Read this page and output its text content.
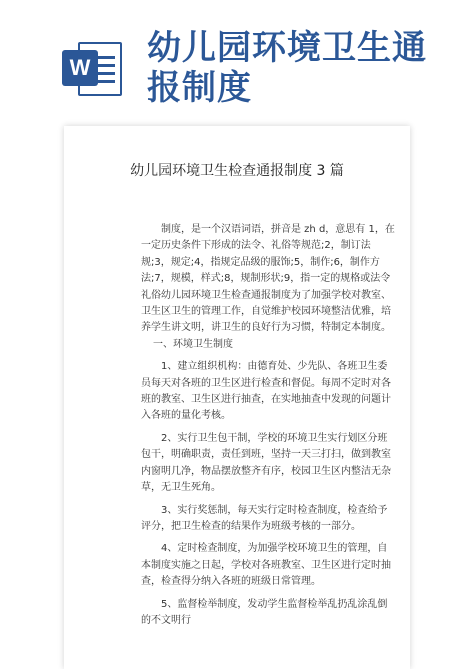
W 幼儿园环境卫生通报制度
幼儿园环境卫生检查通报制度 3 篇

制度，是一个汉语词语，拼音是 zh d，意思有 1，在一定历史条件下形成的法令、礼俗等规范;2，制订法规;3，规定;4，指规定品级的服饰;5，制作;6，制作方法;7，规模，样式;8，规制形状;9，指一定的规格或法令礼俗幼儿园环境卫生检查通报制度为了加强学校对教室、卫生区卫生的管理工作，自觉维护校园环境整洁优雅，培养学生讲文明，讲卫生的良好行为习惯，特制定本制度。

一、环境卫生制度

1、建立组织机构：由德育处、少先队、各班卫生委员每天对各班的卫生区进行检查和督促。每周不定时对各班的教室、卫生区进行抽查，在实地抽查中发现的问题计入各班的量化考核。

2、实行卫生包干制，学校的环境卫生实行划区分班包干，明确职责，责任到班，坚持一天三打扫，做到教室内窗明几净，物品摆放整齐有序，校园卫生区内整洁无杂草，无卫生死角。

3、实行奖惩制，每天实行定时检查制度，检查给予评分，把卫生检查的结果作为班级考核的一部分。

4、定时检查制度，为加强学校环境卫生的管理，自本制度实施之日起，学校对各班教室、卫生区进行定时抽查，检查得分纳入各班的班级日常管理。

5、监督检举制度，发动学生监督检举乱扔乱涂乱倒的不文明行
